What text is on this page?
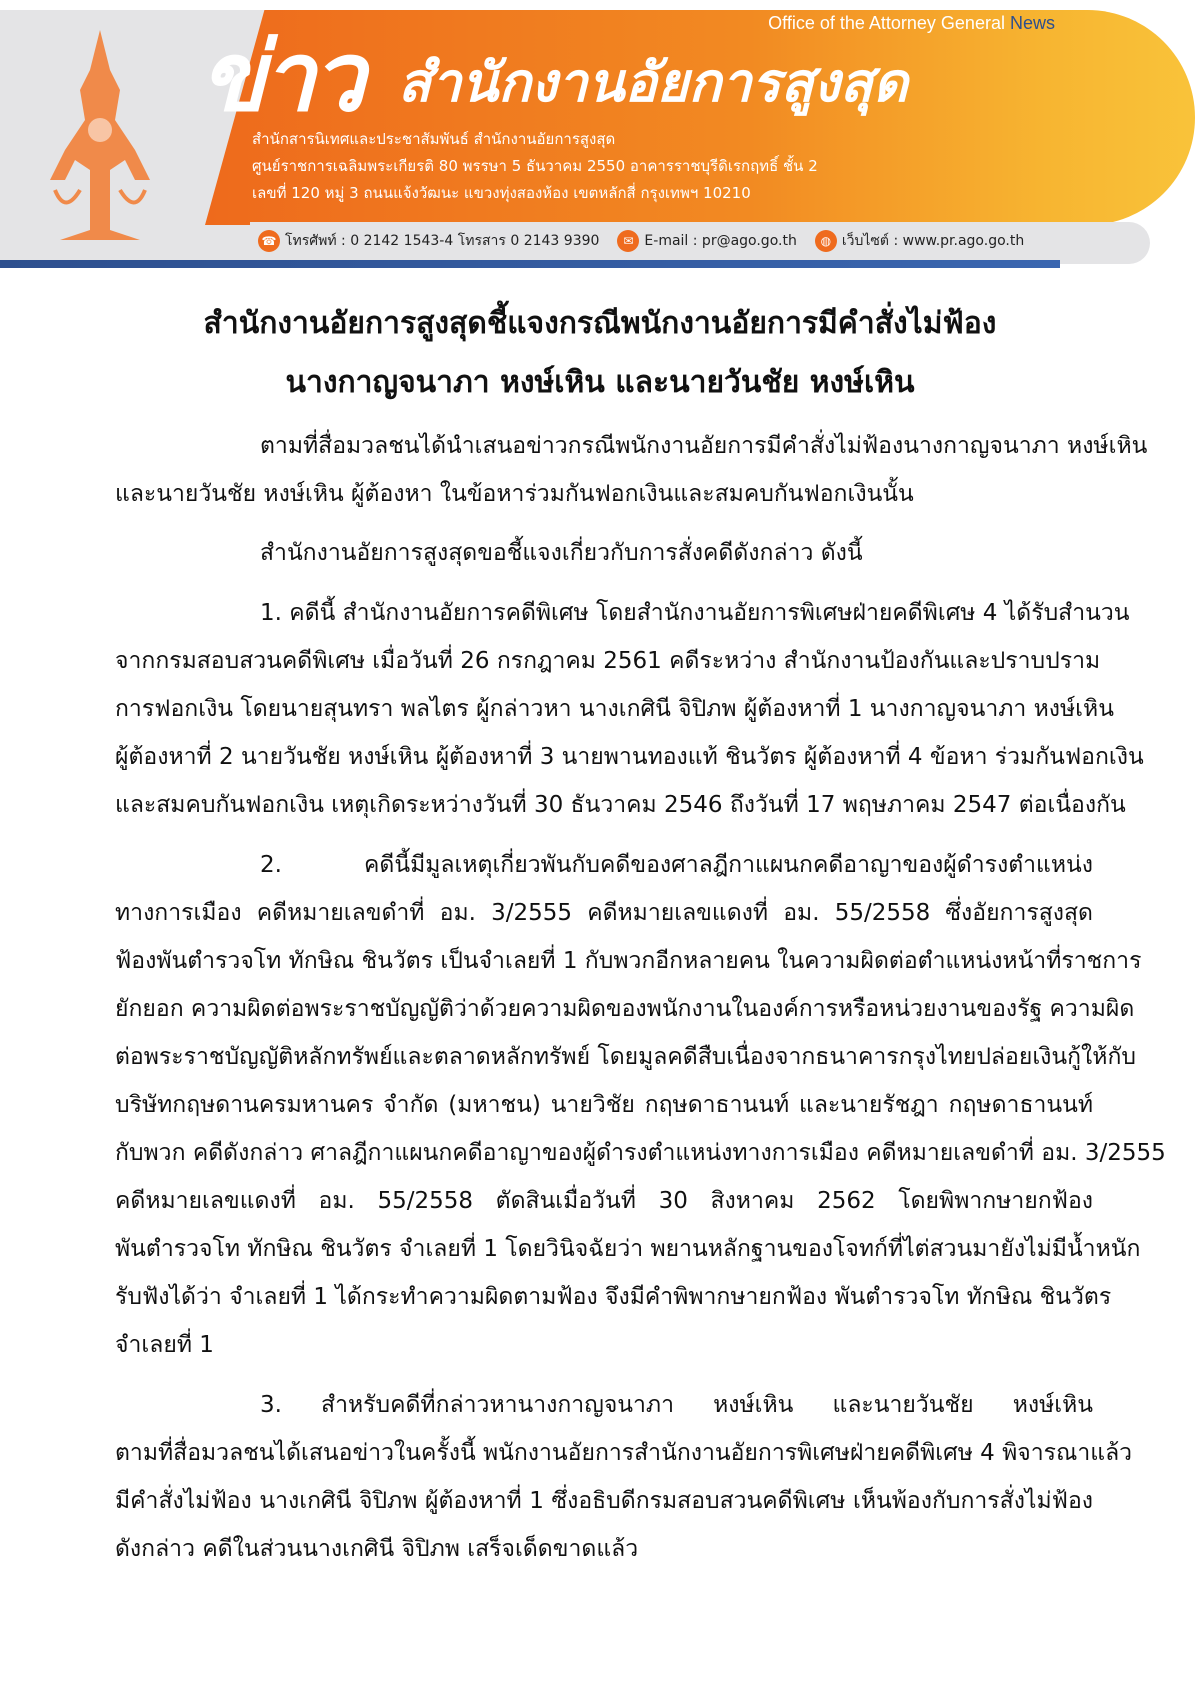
ข่าว สำนักงานอัยการสูงสุด
Office of the Attorney General News
สำนักสารนิเทศและประชาสัมพันธ์ สำนักงานอัยการสูงสุด
ศูนย์ราชการเฉลิมพระเกียรติ 80 พรรษา 5 ธันวาคม 2550 อาคารราชบุรีดิเรกฤทธิ์ ชั้น 2
เลขที่ 120 หมู่ 3 ถนนแจ้งวัฒนะ แขวงทุ่งสองห้อง เขตหลักสี่ กรุงเทพฯ 10210
☎ โทรศัพท์ : 0 2142 1543-4 โทรสาร 0 2143 9390	✉ E-mail : pr@ago.go.th	◍ เว็บไซต์ : www.pr.ago.go.th
สำนักงานอัยการสูงสุดชี้แจงกรณีพนักงานอัยการมีคำสั่งไม่ฟ้อง
นางกาญจนาภา หงษ์เหิน และนายวันชัย หงษ์เหิน
ตามที่สื่อมวลชนได้นำเสนอข่าวกรณีพนักงานอัยการมีคำสั่งไม่ฟ้องนางกาญจนาภา หงษ์เหิน
และนายวันชัย หงษ์เหิน ผู้ต้องหา ในข้อหาร่วมกันฟอกเงินและสมคบกันฟอกเงินนั้น
สำนักงานอัยการสูงสุดขอชี้แจงเกี่ยวกับการสั่งคดีดังกล่าว ดังนี้
1. คดีนี้ สำนักงานอัยการคดีพิเศษ โดยสำนักงานอัยการพิเศษฝ่ายคดีพิเศษ 4 ได้รับสำนวน
จากกรมสอบสวนคดีพิเศษ เมื่อวันที่ 26 กรกฎาคม 2561 คดีระหว่าง สำนักงานป้องกันและปราบปราม
การฟอกเงิน โดยนายสุนทรา พลไตร ผู้กล่าวหา นางเกศินี จิปิภพ ผู้ต้องหาที่ 1 นางกาญจนาภา หงษ์เหิน
ผู้ต้องหาที่ 2 นายวันชัย หงษ์เหิน ผู้ต้องหาที่ 3 นายพานทองแท้ ชินวัตร ผู้ต้องหาที่ 4 ข้อหา ร่วมกันฟอกเงิน
และสมคบกันฟอกเงิน เหตุเกิดระหว่างวันที่ 30 ธันวาคม 2546 ถึงวันที่ 17 พฤษภาคม 2547 ต่อเนื่องกัน
2. คดีนี้มีมูลเหตุเกี่ยวพันกับคดีของศาลฎีกาแผนกคดีอาญาของผู้ดำรงตำแหน่ง
ทางการเมือง คดีหมายเลขดำที่ อม. 3/2555 คดีหมายเลขแดงที่ อม. 55/2558 ซึ่งอัยการสูงสุด
ฟ้องพันตำรวจโท ทักษิณ ชินวัตร เป็นจำเลยที่ 1 กับพวกอีกหลายคน ในความผิดต่อตำแหน่งหน้าที่ราชการ
ยักยอก ความผิดต่อพระราชบัญญัติว่าด้วยความผิดของพนักงานในองค์การหรือหน่วยงานของรัฐ ความผิด
ต่อพระราชบัญญัติหลักทรัพย์และตลาดหลักทรัพย์ โดยมูลคดีสืบเนื่องจากธนาคารกรุงไทยปล่อยเงินกู้ให้กับ
บริษัทกฤษดานครมหานคร จำกัด (มหาชน) นายวิชัย กฤษดาธานนท์ และนายรัชฎา กฤษดาธานนท์
กับพวก คดีดังกล่าว ศาลฎีกาแผนกคดีอาญาของผู้ดำรงตำแหน่งทางการเมือง คดีหมายเลขดำที่ อม. 3/2555
คดีหมายเลขแดงที่ อม. 55/2558 ตัดสินเมื่อวันที่ 30 สิงหาคม 2562 โดยพิพากษายกฟ้อง
พันตำรวจโท ทักษิณ ชินวัตร จำเลยที่ 1 โดยวินิจฉัยว่า พยานหลักฐานของโจทก์ที่ไต่สวนมายังไม่มีน้ำหนัก
รับฟังได้ว่า จำเลยที่ 1 ได้กระทำความผิดตามฟ้อง จึงมีคำพิพากษายกฟ้อง พันตำรวจโท ทักษิณ ชินวัตร
จำเลยที่ 1
3. สำหรับคดีที่กล่าวหานางกาญจนาภา หงษ์เหิน และนายวันชัย หงษ์เหิน
ตามที่สื่อมวลชนได้เสนอข่าวในครั้งนี้ พนักงานอัยการสำนักงานอัยการพิเศษฝ่ายคดีพิเศษ 4 พิจารณาแล้ว
มีคำสั่งไม่ฟ้อง นางเกศินี จิปิภพ ผู้ต้องหาที่ 1 ซึ่งอธิบดีกรมสอบสวนคดีพิเศษ เห็นพ้องกับการสั่งไม่ฟ้อง
ดังกล่าว คดีในส่วนนางเกศินี จิปิภพ เสร็จเด็ดขาดแล้ว
